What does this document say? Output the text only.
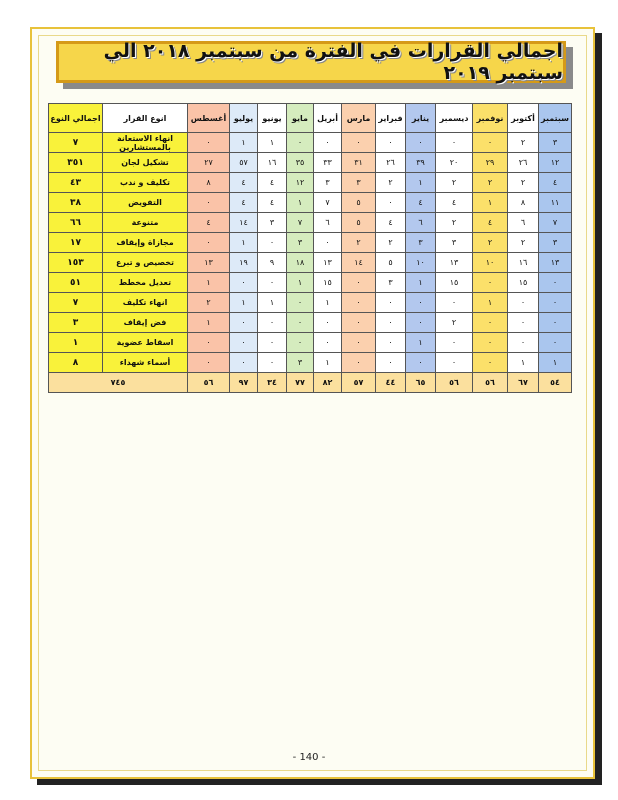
اجمالي القرارات في الفترة من سبتمبر ٢٠١٨ الي سبتمبر ٢٠١٩
سبتمبر	أكتوبر	نوفمبر	ديسمبر	يناير	فبراير	مارس	أبريل	مايو	يونيو	يوليو	أغسطس	انوع القرار	اجمالي النوع
٣	٢	٠	٠	٠	٠	٠	٠	٠	١	١	٠	انهاء الاستعانة بالمستشارين	٧
١٢	٢٦	٢٩	٢٠	٣٩	٢٦	٣١	٣٣	٣٥	١٦	٥٧	٢٧	تشكيل لجان	٣٥١
٤	٢	٢	٢	١	٢	٣	٣	١٢	٤	٤	٨	تكليف و ندب	٤٣
١١	٨	١	٤	٤	٠	٥	٧	١	٤	٤	٠	التفويض	٣٨
٧	٦	٤	٢	٦	٤	٥	٦	٧	٣	١٤	٤	متنوعة	٦٦
٣	٢	٢	٣	٣	٢	٢	٠	٣	٠	١	٠	مجازاة وإيقاف	١٧
١٣	١٦	١٠	١٣	١٠	٥	١٤	١٣	١٨	٩	١٩	١٣	تخصيص و تبرع	١٥٣
٠	١٥	٠	١٥	١	٣	٠	١٥	١	٠	٠	١	تعديل مخطط	٥١
٠	٠	١	٠	٠	٠	٠	١	٠	١	١	٢	انهاء تكليف	٧
٠	٠	٠	٢	٠	٠	٠	٠	٠	٠	٠	١	فض إيقاف	٣
٠	٠	٠	٠	١	٠	٠	٠	٠	٠	٠	٠	اسقاط عضوية	١
١	١	٠	٠	٠	٠	٠	١	٣	٠	٠	٠	أسماء شهداء	٨
٥٤	٦٧	٥٦	٥٦	٦٥	٤٤	٥٧	٨٢	٧٧	٣٤	٩٧	٥٦	٧٤٥	
- 140 -
